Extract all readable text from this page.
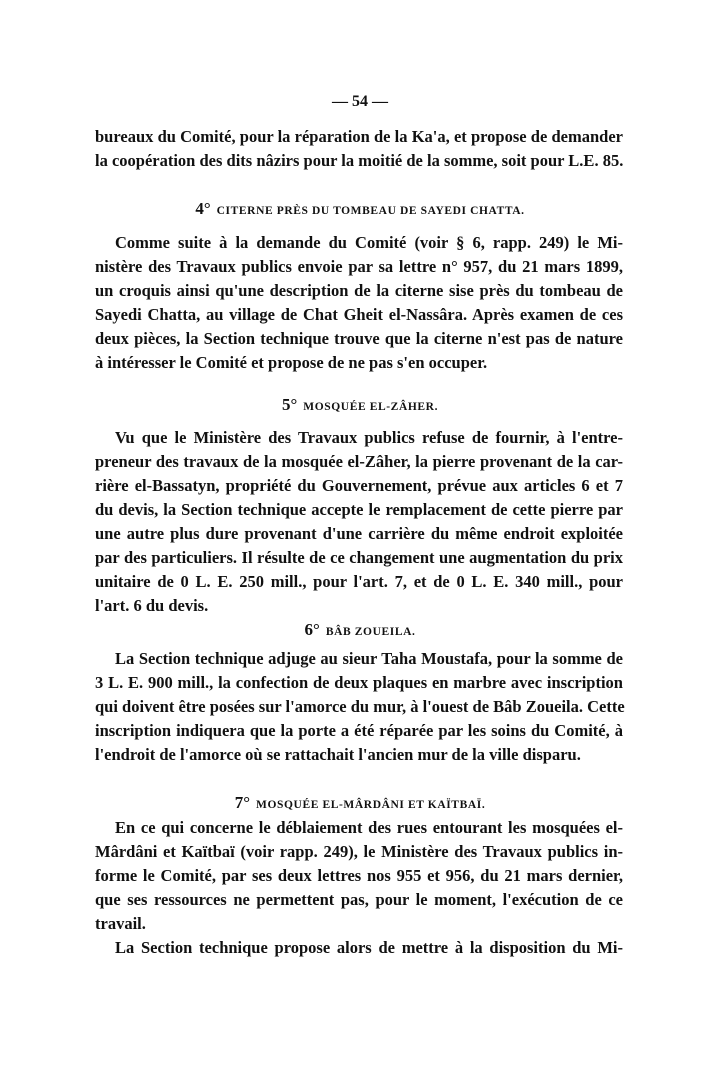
— 54 —
bureaux du Comité, pour la réparation de la Ka'a, et propose de demander
la coopération des dits nâzirs pour la moitié de la somme, soit pour L.E. 85.
4° CITERNE PRÈS DU TOMBEAU DE SAYEDI CHATTA.
Comme suite à la demande du Comité (voir § 6, rapp. 249) le Mi-
nistère des Travaux publics envoie par sa lettre n° 957, du 21 mars 1899,
un croquis ainsi qu'une description de la citerne sise près du tombeau de
Sayedi Chatta, au village de Chat Gheit el-Nassâra. Après examen de ces
deux pièces, la Section technique trouve que la citerne n'est pas de nature
à intéresser le Comité et propose de ne pas s'en occuper.
5° MOSQUÉE EL-ZÂHER.
Vu que le Ministère des Travaux publics refuse de fournir, à l'entre-
preneur des travaux de la mosquée el-Zâher, la pierre provenant de la car-
rière el-Bassatyn, propriété du Gouvernement, prévue aux articles 6 et 7
du devis, la Section technique accepte le remplacement de cette pierre par
une autre plus dure provenant d'une carrière du même endroit exploitée
par des particuliers. Il résulte de ce changement une augmentation du prix
unitaire de 0 L. E. 250 mill., pour l'art. 7, et de 0 L. E. 340 mill., pour
l'art. 6 du devis.
6° BÂB ZOUEILA.
La Section technique adjuge au sieur Taha Moustafa, pour la somme de
3 L. E. 900 mill., la confection de deux plaques en marbre avec inscription
qui doivent être posées sur l'amorce du mur, à l'ouest de Bâb Zoueila. Cette
inscription indiquera que la porte a été réparée par les soins du Comité, à
l'endroit de l'amorce où se rattachait l'ancien mur de la ville disparu.
7° MOSQUÉE EL-MÂRDÂNI ET KAÏTBAÏ.
En ce qui concerne le déblaiement des rues entourant les mosquées el-
Mârdâni et Kaïtbaï (voir rapp. 249), le Ministère des Travaux publics in-
forme le Comité, par ses deux lettres nos 955 et 956, du 21 mars dernier,
que ses ressources ne permettent pas, pour le moment, l'exécution de ce
travail.
La Section technique propose alors de mettre à la disposition du Mi-
